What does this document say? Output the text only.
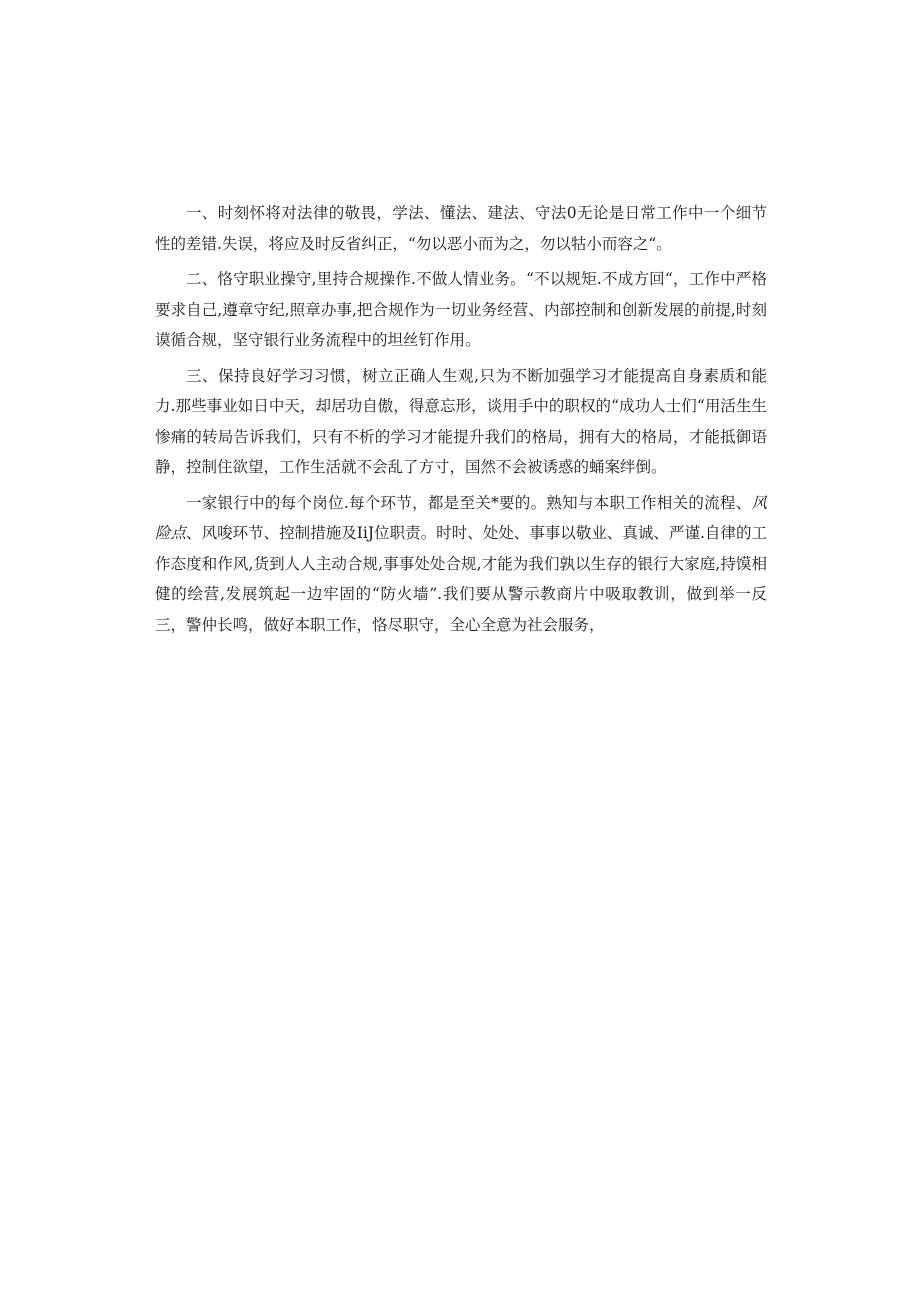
一、时刻怀将对法律的敬畏，学法、懂法、建法、守法0无论是日常工作中一个细节性的差错.失误，将应及时反省纠正，“勿以恶小而为之，勿以牯小而容之“。

二、恪守职业操守,里持合规操作.不做人情业务。“不以规矩.不成方回“，工作中严格要求自己,遵章守纪,照章办事,把合规作为一切业务经营、内部控制和创新发展的前提,时刻谟循合规，坚守银行业务流程中的坦丝钉作用。

三、保持良好学习习惯，树立正确人生观,只为不断加强学习才能提高自身素质和能力.那些事业如日中天，却居功自傲，得意忘形，谈用手中的职权的“成功人士们“用活生生惨痛的转局告诉我们，只有不析的学习才能提升我们的格局，拥有大的格局，才能抵御语静，控制住欲望，工作生活就不会乱了方寸，国然不会被诱惑的蛹案绊倒。

一家银行中的每个岗位.每个环节，都是至关*要的。熟知与本职工作相关的流程、风险点、风唆环节、控制措施及IiJ位职责。时时、处处、事事以敬业、真诚、严谨.自律的工作态度和作风,货到人人主动合规,事事处处合规,才能为我们孰以生存的银行大家庭,持馍相健的绘营,发展筑起一边牢固的“防火墙”.我们要从警示教商片中吸取教训，做到举一反三，警仲长鸣，做好本职工作，恪尽职守，全心全意为社会服务，
